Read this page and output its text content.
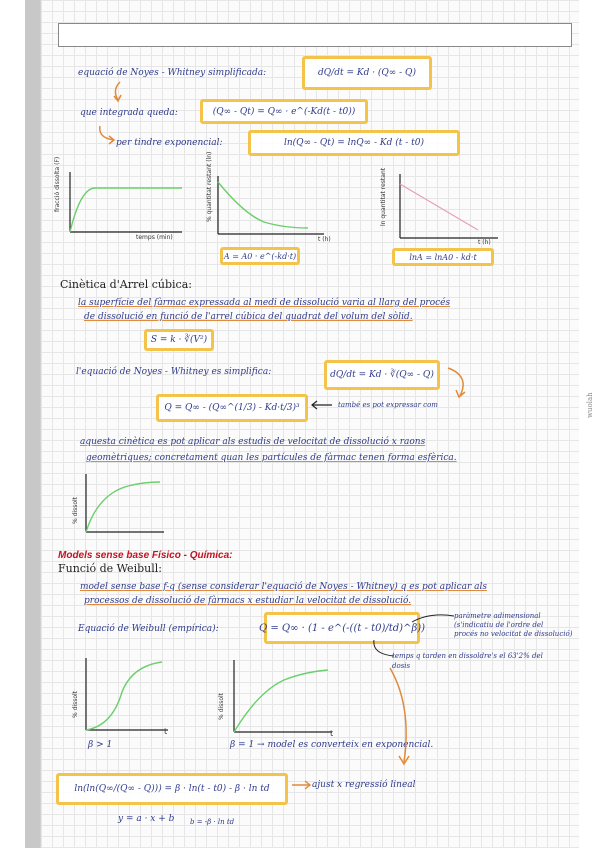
equació de Noyes - Whitney simplificada:	dQ/dt = Kd · (Q∞ - Q)
que integrada queda:	(Q∞ - Qt) = Q∞ · e^(-Kd(t - t0))
per tindre exponencial:	ln(Q∞ - Qt) = lnQ∞ - Kd (t - t0)
fracció dissolta (F)
temps (min)
% quantitat restant (ln)
t (h)
A = A0 · e^(-kd·t)
ln quantitat restant
t (h)
lnA = lnA0 - kd·t
Cinètica d'Arrel cúbica:
la superfície del fàrmac expressada al medi de dissolució varia al llarg del procés
de dissolució en funció de l'arrel cúbica del quadrat del volum del sòlid.
S = k · ∛(V²)
l'equació de Noyes - Whitney es simplifica:	dQ/dt = Kd · ∛(Q∞ - Q)
Q = Q∞ - (Q∞^(1/3) - Kd·t/3)³	també es pot expressar com
aquesta cinètica es pot aplicar als estudis de velocitat de dissolució x raons
geomètriques; concretament quan les partícules de fàrmac tenen forma esfèrica.
% dissolt
Models sense base Físico - Química:
Funció de Weibull:
model sense base f-q (sense considerar l'equació de Noyes - Whitney) q es pot aplicar als
processos de dissolució de fàrmacs x estudiar la velocitat de dissolució.
Equació de Weibull (empírica):	Q = Q∞ · (1 - e^(-((t - t0)/td)^β))
paràmetre adimensional
(s'indicatiu de l'ordre del
procés no velocitat de dissolució)
temps q tarden en dissoldre's el 63'2% del
dosis
% dissolt
t
β > 1
% dissolt
t
β = 1 → model es converteix en exponencial.
ln(ln(Q∞/(Q∞ - Q))) = β · ln(t - t0) - β · ln td	ajust x regressió lineal
y = a · x + b b = -β · ln td
wuolah
